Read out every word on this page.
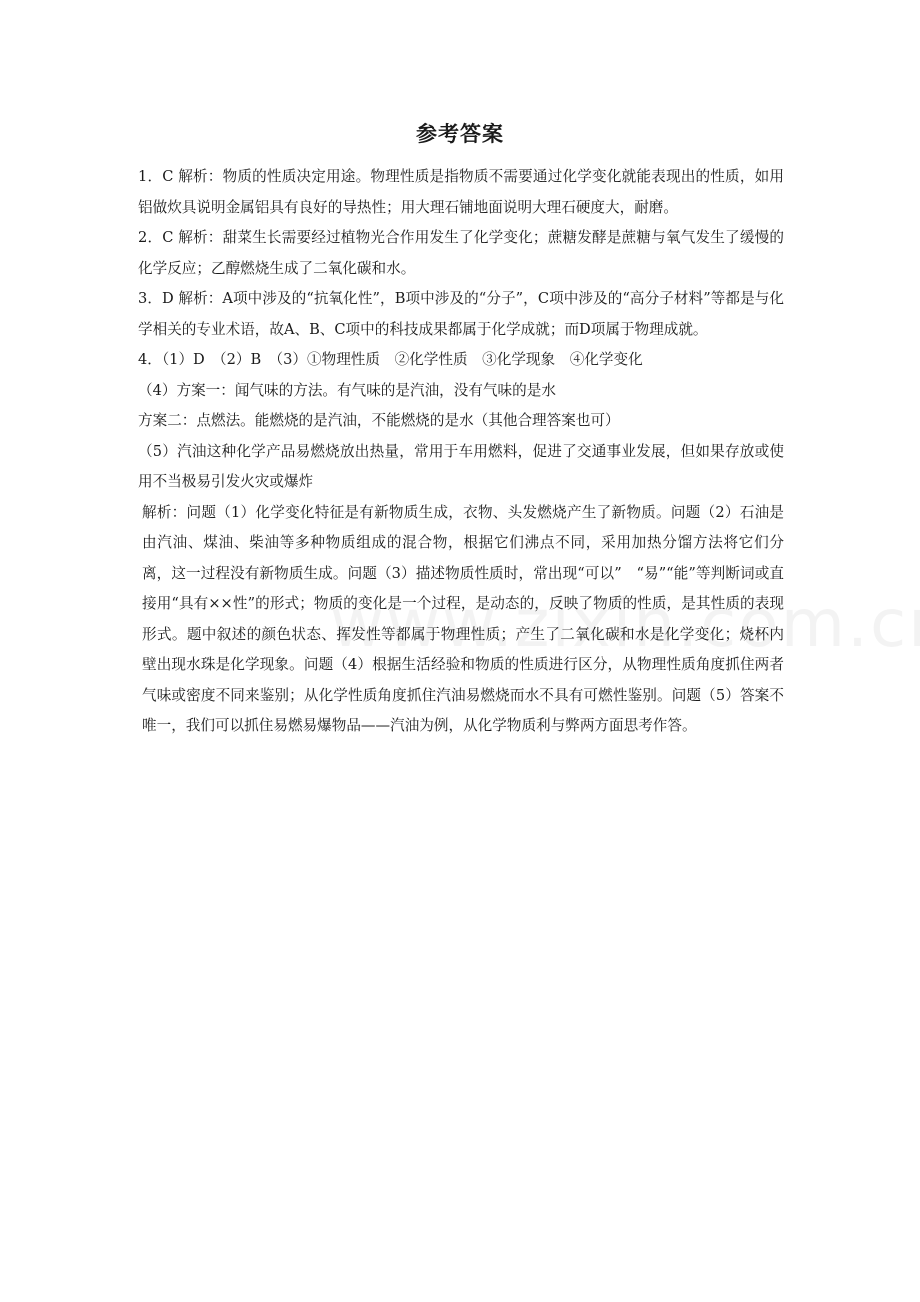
参考答案

1．C 解析：物质的性质决定用途。物理性质是指物质不需要通过化学变化就能表现出的性质，如用铝做炊具说明金属铝具有良好的导热性；用大理石铺地面说明大理石硬度大，耐磨。

2．C 解析：甜菜生长需要经过植物光合作用发生了化学变化；蔗糖发酵是蔗糖与氧气发生了缓慢的化学反应；乙醇燃烧生成了二氧化碳和水。

3．D 解析：A项中涉及的“抗氧化性”，B项中涉及的“分子”，C项中涉及的“高分子材料”等都是与化学相关的专业术语，故A、B、C项中的科技成果都属于化学成就；而D项属于物理成就。

4．（1）D　（2）B　（3）①物理性质　②化学性质　③化学现象　④化学变化

（4）方案一：闻气味的方法。有气味的是汽油，没有气味的是水

方案二：点燃法。能燃烧的是汽油，不能燃烧的是水（其他合理答案也可）

（5）汽油这种化学产品易燃烧放出热量，常用于车用燃料，促进了交通事业发展，但如果存放或使用不当极易引发火灾或爆炸

解析：问题（1）化学变化特征是有新物质生成，衣物、头发燃烧产生了新物质。问题（2）石油是由汽油、煤油、柴油等多种物质组成的混合物，根据它们沸点不同，采用加热分馏方法将它们分离，这一过程没有新物质生成。问题（3）描述物质性质时，常出现“可以”　“易”“能”等判断词或直接用“具有××性”的形式；物质的变化是一个过程，是动态的，反映了物质的性质，是其性质的表现形式。题中叙述的颜色状态、挥发性等都属于物理性质；产生了二氧化碳和水是化学变化；烧杯内壁出现水珠是化学现象。问题（4）根据生活经验和物质的性质进行区分，从物理性质角度抓住两者气味或密度不同来鉴别；从化学性质角度抓住汽油易燃烧而水不具有可燃性鉴别。问题（5）答案不唯一，我们可以抓住易燃易爆物品——汽油为例，从化学物质利与弊两方面思考作答。
